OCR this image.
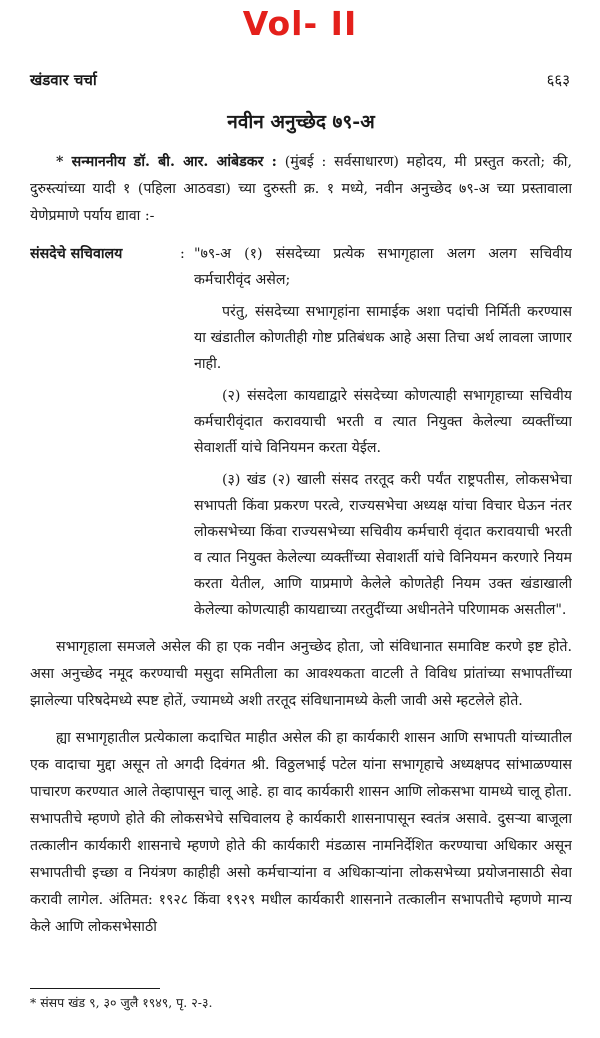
Vol- II
खंडवार चर्चा	६६३
नवीन अनुच्छेद ७९-अ

* सन्माननीय डॉ. बी. आर. आंबेडकर : (मुंबई : सर्वसाधारण) महोदय, मी प्रस्तुत करतो; की, दुरुस्त्यांच्या यादी १ (पहिला आठवडा) च्या दुरुस्ती क्र. १ मध्ये, नवीन अनुच्छेद ७९-अ च्या प्रस्तावाला येणेप्रमाणे पर्याय द्यावा :-

संसदेचे सचिवालय	: "७९-अ (१) संसदेच्या प्रत्येक सभागृहाला अलग अलग सचिवीय कर्मचारीवृंद असेल;

परंतु, संसदेच्या सभागृहांना सामाईक अशा पदांची निर्मिती करण्यास या खंडातील कोणतीही गोष्ट प्रतिबंधक आहे असा तिचा अर्थ लावला जाणार नाही.

(२) संसदेला कायद्याद्वारे संसदेच्या कोणत्याही सभागृहाच्या सचिवीय कर्मचारीवृंदात करावयाची भरती व त्यात नियुक्त केलेल्या व्यक्तींच्या सेवाशर्ती यांचे विनियमन करता येईल.

(३) खंड (२) खाली संसद तरतूद करी पर्यंत राष्ट्रपतीस, लोकसभेचा सभापती किंवा प्रकरण परत्वे, राज्यसभेचा अध्यक्ष यांचा विचार घेऊन नंतर लोकसभेच्या किंवा राज्यसभेच्या सचिवीय कर्मचारी वृंदात करावयाची भरती व त्यात नियुक्त केलेल्या व्यक्तींच्या सेवाशर्ती यांचे विनियमन करणारे नियम करता येतील, आणि याप्रमाणे केलेले कोणतेही नियम उक्त खंडाखाली केलेल्या कोणत्याही कायद्याच्या तरतुदींच्या अधीनतेने परिणामक असतील".

सभागृहाला समजले असेल की हा एक नवीन अनुच्छेद होता, जो संविधानात समाविष्ट करणे इष्ट होते. असा अनुच्छेद नमूद करण्याची मसुदा समितीला का आवश्यकता वाटली ते विविध प्रांतांच्या सभापतींच्या झालेल्या परिषदेमध्ये स्पष्ट होतें, ज्यामध्ये अशी तरतूद संविधानामध्ये केली जावी असे म्हटलेले होते.

ह्या सभागृहातील प्रत्येकाला कदाचित माहीत असेल की हा कार्यकारी शासन आणि सभापती यांच्यातील एक वादाचा मुद्दा असून तो अगदी दिवंगत श्री. विठ्ठलभाई पटेल यांना सभागृहाचे अध्यक्षपद सांभाळण्यास पाचारण करण्यात आले तेव्हापासून चालू आहे. हा वाद कार्यकारी शासन आणि लोकसभा यामध्ये चालू होता. सभापतीचे म्हणणे होते की लोकसभेचे सचिवालय हे कार्यकारी शासनापासून स्वतंत्र असावे. दुसऱ्या बाजूला तत्कालीन कार्यकारी शासनाचे म्हणणे होते की कार्यकारी मंडळास नामनिर्देशित करण्याचा अधिकार असून सभापतीची इच्छा व नियंत्रण काहीही असो कर्मचाऱ्यांना व अधिकाऱ्यांना लोकसभेच्या प्रयोजनासाठी सेवा करावी लागेल. अंतिमत: १९२८ किंवा १९२९ मधील कार्यकारी शासनाने तत्कालीन सभापतीचे म्हणणे मान्य केले आणि लोकसभेसाठी

* संसप खंड ९, ३० जुलै १९४९, पृ. २-३.
